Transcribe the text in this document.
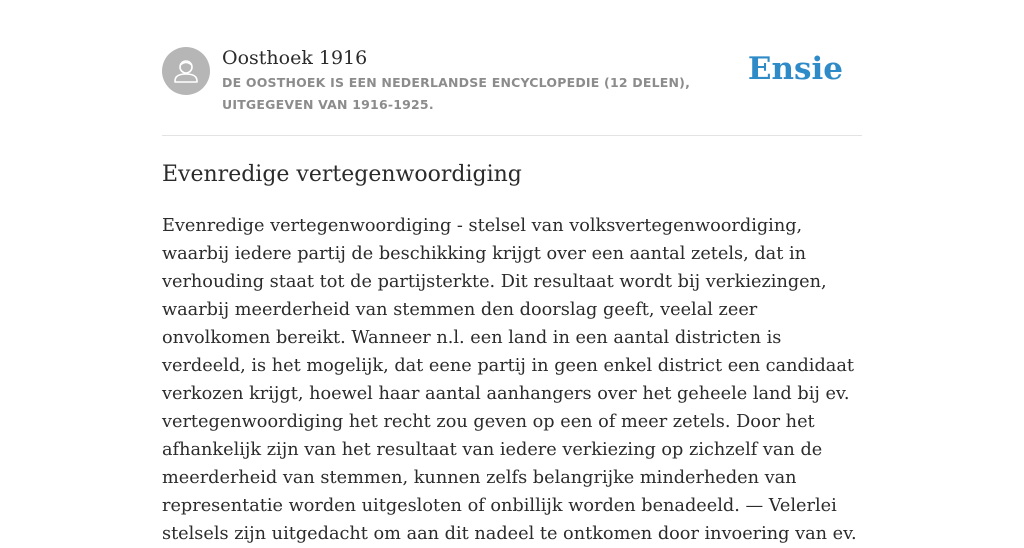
Oosthoek 1916
DE OOSTHOEK IS EEN NEDERLANDSE ENCYCLOPEDIE (12 DELEN), UITGEGEVEN VAN 1916-1925.
Ensie
Evenredige vertegenwoordiging

Evenredige vertegenwoordiging - stelsel van volksvertegenwoordiging, waarbij iedere partij de beschikking krijgt over een aantal zetels, dat in verhouding staat tot de partijsterkte. Dit resultaat wordt bij verkiezingen, waarbij meerderheid van stemmen den doorslag geeft, veelal zeer onvolkomen bereikt. Wanneer n.l. een land in een aantal districten is verdeeld, is het mogelijk, dat eene partij in geen enkel district een candidaat verkozen krijgt, hoewel haar aantal aanhangers over het geheele land bij ev. vertegenwoordiging het recht zou geven op een of meer zetels. Door het afhankelijk zijn van het resultaat van iedere verkiezing op zichzelf van de meerderheid van stemmen, kunnen zelfs belangrijke minderheden van representatie worden uitgesloten of onbillijk worden benadeeld. — Velerlei stelsels zijn uitgedacht om aan dit nadeel te ontkomen door invoering van ev.
